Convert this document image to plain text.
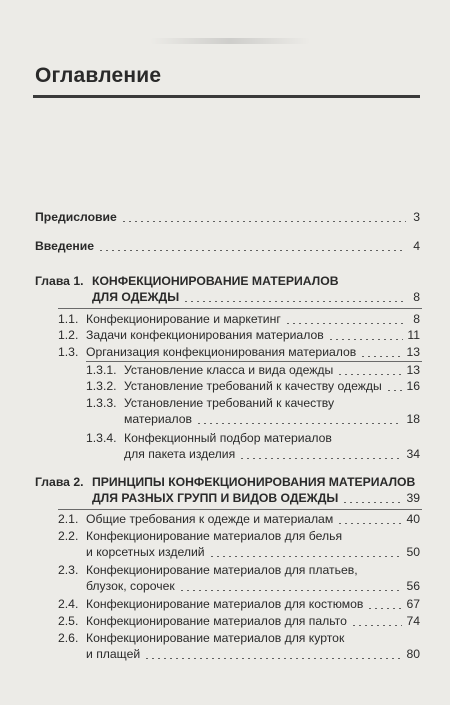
Оглавление
Предисловие	3
Введение	4
Глава 1. КОНФЕКЦИОНИРОВАНИЕ МАТЕРИАЛОВ
ДЛЯ ОДЕЖДЫ	8
1.1. Конфекционирование и маркетинг	8
1.2. Задачи конфекционирования материалов	11
1.3. Организация конфекционирования материалов	13
1.3.1. Установление класса и вида одежды	13
1.3.2. Установление требований к качеству одежды 16
1.3.3. Установление требований к качеству
материалов	18
1.3.4. Конфекционный подбор материалов
для пакета изделия	34
Глава 2. ПРИНЦИПЫ КОНФЕКЦИОНИРОВАНИЯ МАТЕРИАЛОВ
ДЛЯ РАЗНЫХ ГРУПП И ВИДОВ ОДЕЖДЫ	39
2.1. Общие требования к одежде и материалам	40
2.2. Конфекционирование материалов для белья
и корсетных изделий	50
2.3. Конфекционирование материалов для платьев,
блузок, сорочек	56
2.4. Конфекционирование материалов для костюмов	67
2.5. Конфекционирование материалов для пальто	74
2.6. Конфекционирование материалов для курток
и плащей	80
